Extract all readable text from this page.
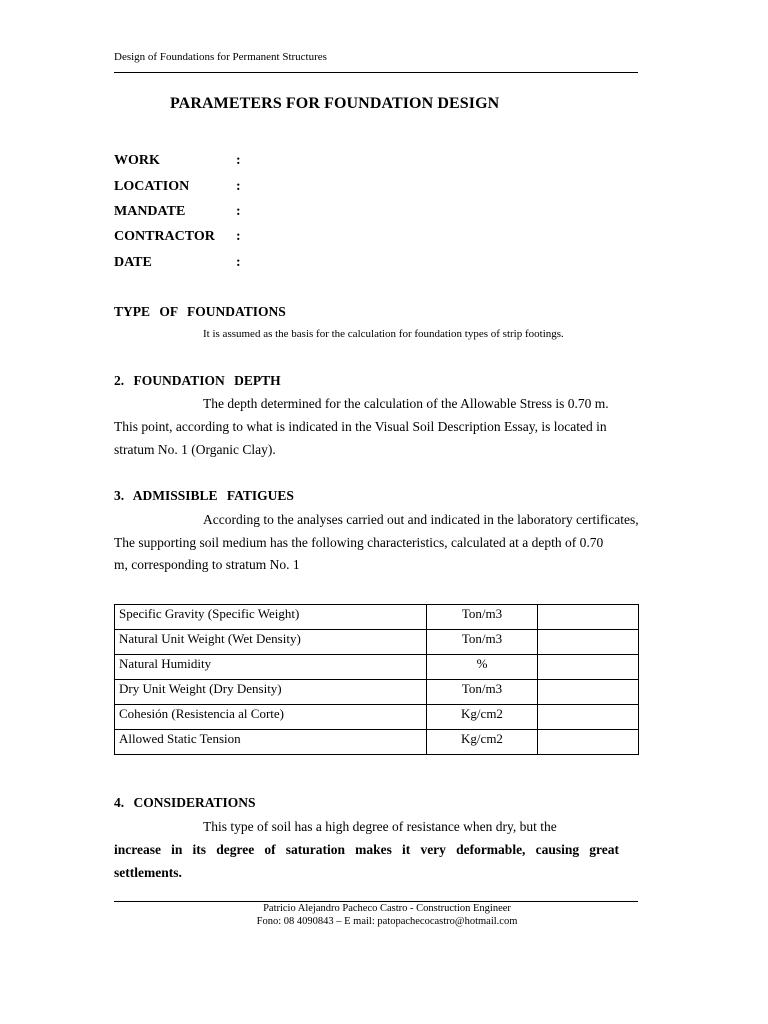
Design of Foundations for Permanent Structures
PARAMETERS FOR FOUNDATION DESIGN
WORK	:
LOCATION	:
MANDATE	:
CONTRACTOR :
DATE	:
TYPE OF FOUNDATIONS
It is assumed as the basis for the calculation for foundation types of strip footings.
2. FOUNDATION DEPTH
The depth determined for the calculation of the Allowable Stress is 0.70 m.
This point, according to what is indicated in the Visual Soil Description Essay, is located in
stratum No. 1 (Organic Clay).
3. ADMISSIBLE FATIGUES
According to the analyses carried out and indicated in the laboratory certificates,
The supporting soil medium has the following characteristics, calculated at a depth of 0.70
m, corresponding to stratum No. 1
Specific Gravity (Specific Weight)	Ton/m3	
Natural Unit Weight (Wet Density)	Ton/m3	
Natural Humidity	%	
Dry Unit Weight (Dry Density)	Ton/m3	
Cohesión (Resistencia al Corte)	Kg/cm2	
Allowed Static Tension	Kg/cm2	
4. CONSIDERATIONS
This type of soil has a high degree of resistance when dry, but the
increase in its degree of saturation makes it very deformable, causing great
settlements.
Patricio Alejandro Pacheco Castro - Construction Engineer
Fono: 08 4090843 – E mail: patopachecocastro@hotmail.com
